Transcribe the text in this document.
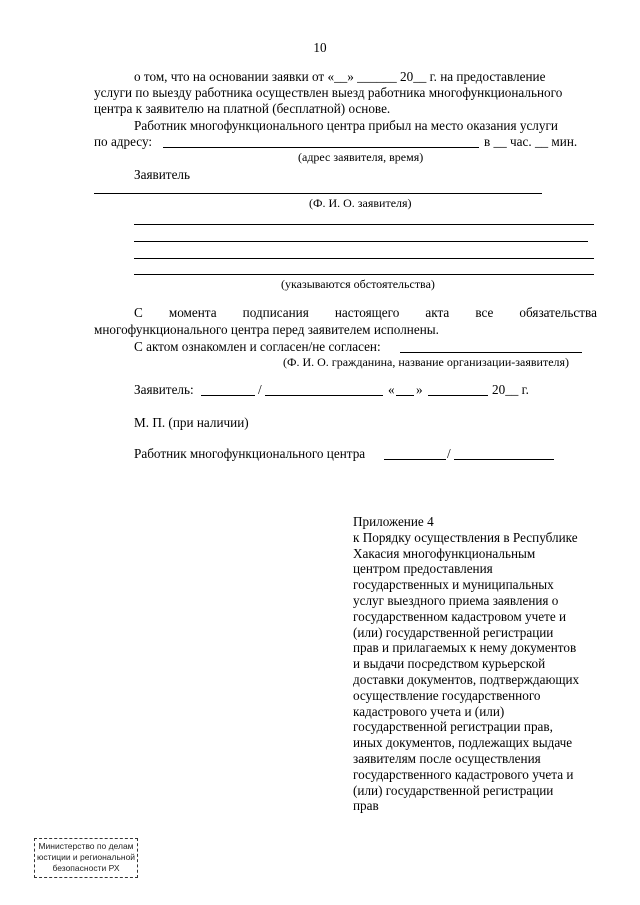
10
о том, что на основании заявки от «__» ______ 20__ г. на предоставление
услуги по выезду работника осуществлен выезд работника многофункционального
центра к заявителю на платной (бесплатной) основе.
Работник многофункционального центра прибыл на место оказания услуги
по адресу:	в __ час. __ мин.
(адрес заявителя, время)
Заявитель
(Ф. И. О. заявителя)
(указываются обстоятельства)
С момента подписания настоящего акта все обязательства
многофункционального центра перед заявителем исполнены.
С актом ознакомлен и согласен/не согласен:
(Ф. И. О. гражданина, название организации-заявителя)
Заявитель:	/	« »	20__ г.
М. П. (при наличии)
Работник многофункционального центра	/
Приложение 4
к Порядку осуществления в Республике
Хакасия многофункциональным
центром предоставления
государственных и муниципальных
услуг выездного приема заявления о
государственном кадастровом учете и
(или) государственной регистрации
прав и прилагаемых к нему документов
и выдачи посредством курьерской
доставки документов, подтверждающих
осуществление государственного
кадастрового учета и (или)
государственной регистрации прав,
иных документов, подлежащих выдаче
заявителям после осуществления
государственного кадастрового учета и
(или) государственной регистрации
прав
Министерство по делам
юстиции и региональной
безопасности РХ
